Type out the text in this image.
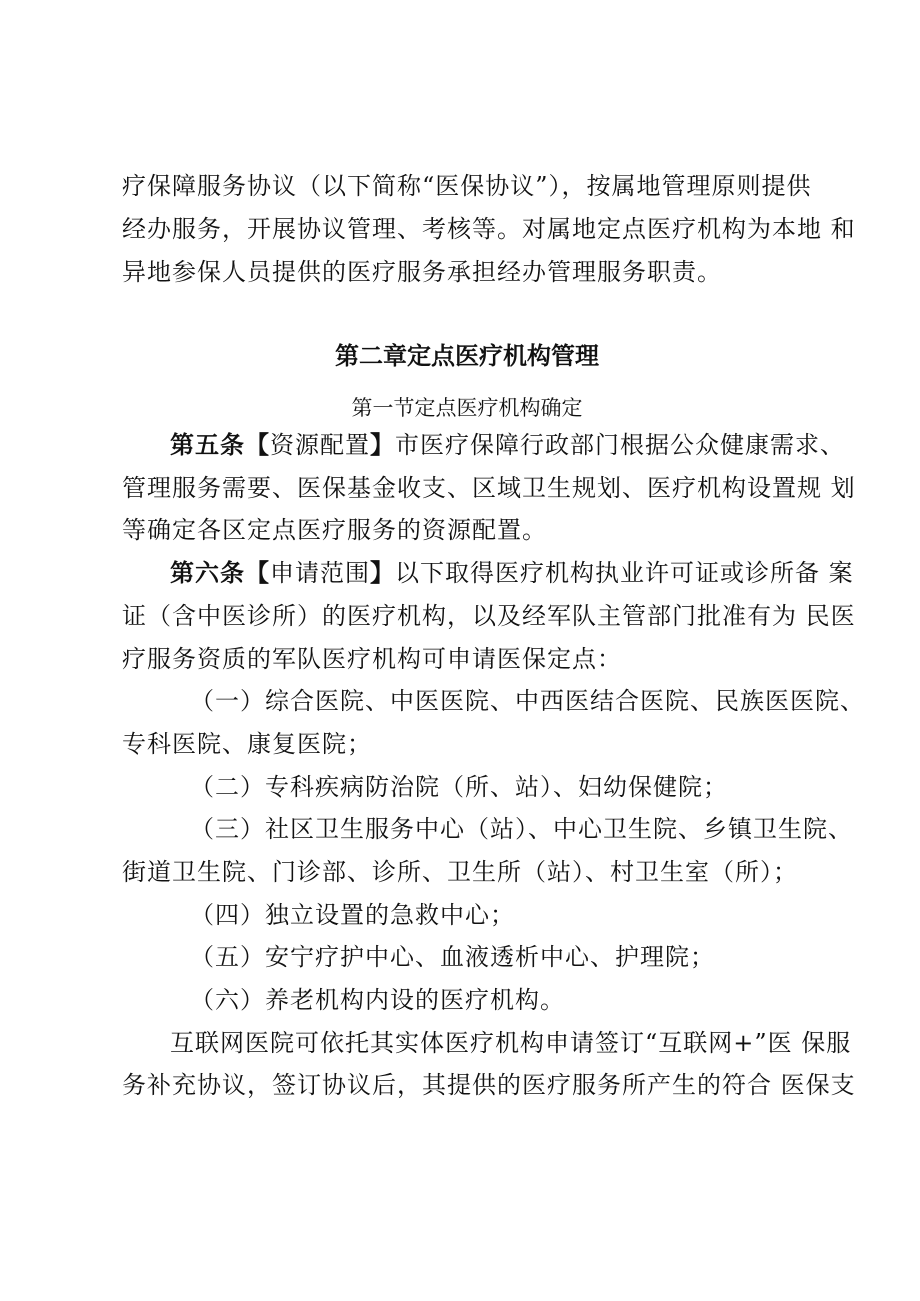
疗保障服务协议（以下简称“医保协议”），按属地管理原则提供
经办服务，开展协议管理、考核等。对属地定点医疗机构为本地 和
异地参保人员提供的医疗服务承担经办管理服务职责。
第二章定点医疗机构管理
第一节定点医疗机构确定
第五条【资源配置】市医疗保障行政部门根据公众健康需求、
管理服务需要、医保基金收支、区域卫生规划、医疗机构设置规 划
等确定各区定点医疗服务的资源配置。
第六条【申请范围】以下取得医疗机构执业许可证或诊所备 案
证（含中医诊所）的医疗机构，以及经军队主管部门批准有为 民医
疗服务资质的军队医疗机构可申请医保定点：
（一）综合医院、中医医院、中西医结合医院、民族医医院、
专科医院、康复医院；
（二）专科疾病防治院（所、站）、妇幼保健院；
（三）社区卫生服务中心（站）、中心卫生院、乡镇卫生院、
街道卫生院、门诊部、诊所、卫生所（站）、村卫生室（所）；
（四）独立设置的急救中心；
（五）安宁疗护中心、血液透析中心、护理院；
（六）养老机构内设的医疗机构。
互联网医院可依托其实体医疗机构申请签订“互联网+”医 保服
务补充协议，签订协议后，其提供的医疗服务所产生的符合 医保支
